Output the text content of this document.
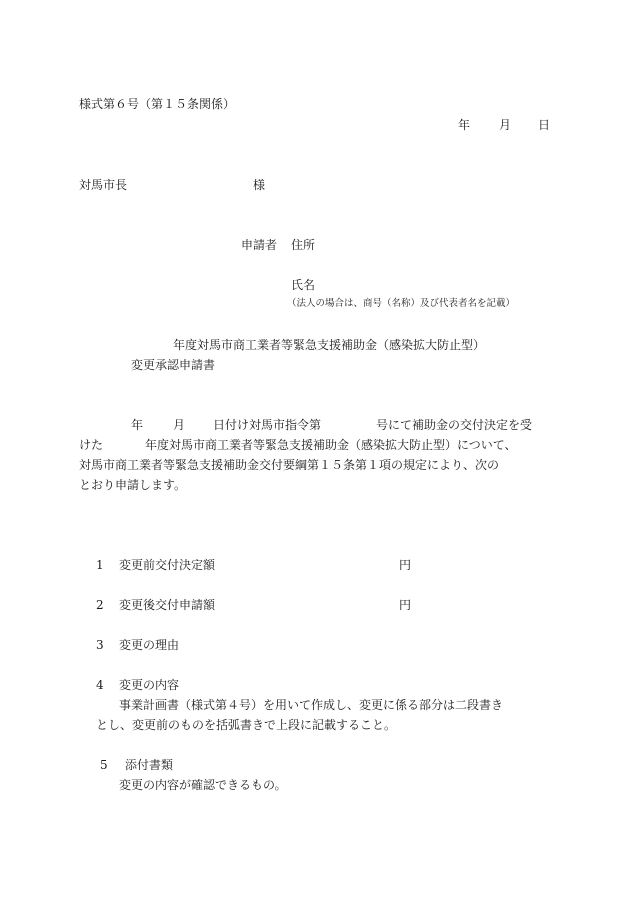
様式第６号（第１５条関係）
年 月 日
対馬市長	様
申請者 住所
氏名
（法人の場合は、商号（名称）及び代表者名を記載）
年度対馬市商工業者等緊急支援補助金（感染拡大防止型）
変更承認申請書
年 月 日付け対馬市指令第	号にて補助金の交付決定を受
けた	年度対馬市商工業者等緊急支援補助金（感染拡大防止型）について、
対馬市商工業者等緊急支援補助金交付要綱第１５条第１項の規定により、次の
とおり申請します。
1 変更前交付決定額	円
2 変更後交付申請額	円
3 変更の理由
4 変更の内容
事業計画書（様式第４号）を用いて作成し、変更に係る部分は二段書き
とし、変更前のものを括弧書きで上段に記載すること。
5 添付書類
変更の内容が確認できるもの。
